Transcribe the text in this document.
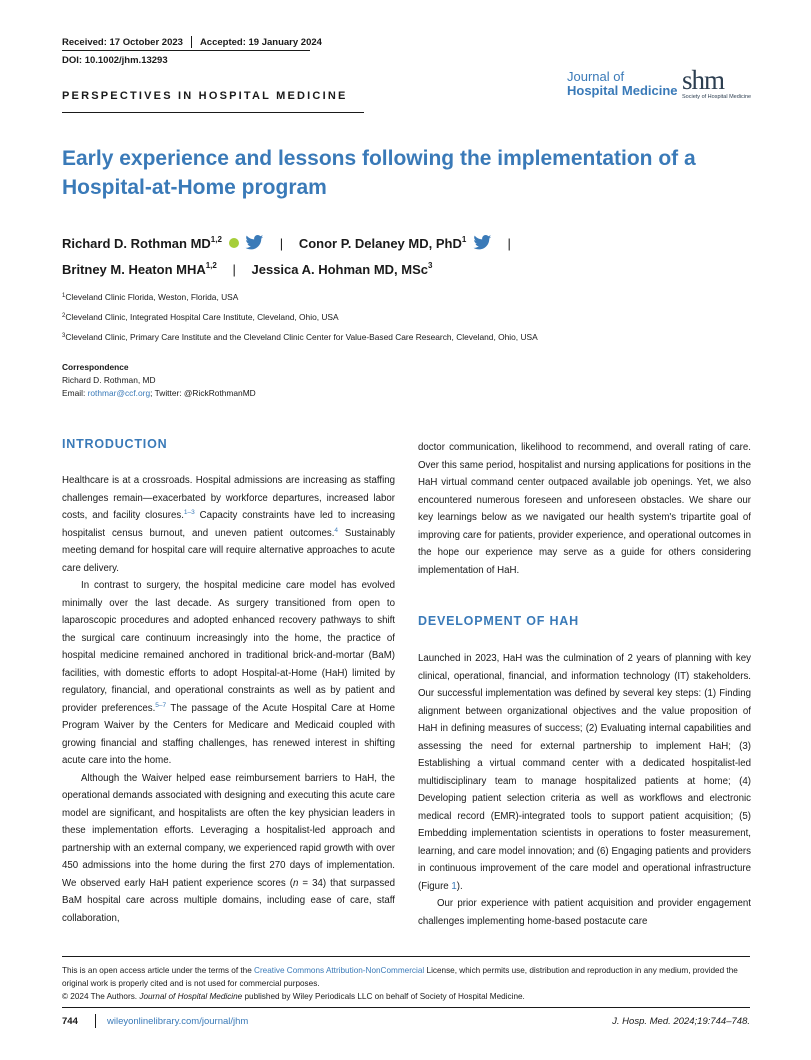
Received: 17 October 2023 Accepted: 19 January 2024
DOI: 10.1002/jhm.13293
PERSPECTIVES IN HOSPITAL MEDICINE
Journal of
Hospital Medicine shm
Society of Hospital Medicine
Early experience and lessons following the implementation of a Hospital-at-Home program
Richard D. Rothman MD$^{1,2}$	| Conor P. Delaney MD, PhD$^1$	|
Britney M. Heaton MHA$^{1,2}$ | Jessica A. Hohman MD, MSc$^3$
$^1$Cleveland Clinic Florida, Weston, Florida, USA
$^2$Cleveland Clinic, Integrated Hospital Care Institute, Cleveland, Ohio, USA
$^3$Cleveland Clinic, Primary Care Institute and the Cleveland Clinic Center for Value-Based Care Research, Cleveland, Ohio, USA
Correspondence
Richard D. Rothman, MD
Email: rothmar@ccf.org; Twitter: @RickRothmanMD
INTRODUCTION
DEVELOPMENT OF HAH

Healthcare is at a crossroads. Hospital admissions are increasing as staffing challenges remain—exacerbated by workforce departures, increased labor costs, and facility closures.$^{1-3}$ Capacity constraints have led to increasing hospitalist census burnout, and uneven patient outcomes.$^4$ Sustainably meeting demand for hospital care will require alternative approaches to acute care delivery.

In contrast to surgery, the hospital medicine care model has evolved minimally over the last decade. As surgery transitioned from open to laparoscopic procedures and adopted enhanced recovery pathways to shift the surgical care continuum increasingly into the home, the practice of hospital medicine remained anchored in traditional brick-and-mortar (BaM) facilities, with domestic efforts to adopt Hospital-at-Home (HaH) limited by regulatory, financial, and operational constraints as well as by patient and provider preferences.$^{5-7}$ The passage of the Acute Hospital Care at Home Program Waiver by the Centers for Medicare and Medicaid coupled with growing financial and staffing challenges, has renewed interest in shifting acute care into the home.

Although the Waiver helped ease reimbursement barriers to HaH, the operational demands associated with designing and executing this acute care model are significant, and hospitalists are often the key physician leaders in these implementation efforts. Leveraging a hospitalist-led approach and partnership with an external company, we experienced rapid growth with over 450 admissions into the home during the first 270 days of implementation. We observed early HaH patient experience scores (n = 34) that surpassed BaM hospital care across multiple domains, including ease of care, staff collaboration,

doctor communication, likelihood to recommend, and overall rating of care. Over this same period, hospitalist and nursing applications for positions in the HaH virtual command center outpaced available job openings. Yet, we also encountered numerous foreseen and unforeseen obstacles. We share our key learnings below as we navigated our health system's tripartite goal of improving care for patients, provider experience, and operational outcomes in the hope our experience may serve as a guide for others considering implementation of HaH.

Launched in 2023, HaH was the culmination of 2 years of planning with key clinical, operational, financial, and information technology (IT) stakeholders. Our successful implementation was defined by several key steps: (1) Finding alignment between organizational objectives and the value proposition of HaH in defining measures of success; (2) Evaluating internal capabilities and assessing the need for external partnership to implement HaH; (3) Establishing a virtual command center with a dedicated hospitalist-led multidisciplinary team to manage hospitalized patients at home; (4) Developing patient selection criteria as well as workflows and electronic medical record (EMR)-integrated tools to support patient acquisition; (5) Embedding implementation scientists in operations to foster measurement, learning, and care model innovation; and (6) Engaging patients and providers in continuous improvement of the care model and operational infrastructure (Figure 1).

Our prior experience with patient acquisition and provider engagement challenges implementing home-based postacute care

This is an open access article under the terms of the Creative Commons Attribution-NonCommercial License, which permits use, distribution and reproduction in any medium, provided the original work is properly cited and is not used for commercial purposes.
© 2024 The Authors. Journal of Hospital Medicine published by Wiley Periodicals LLC on behalf of Society of Hospital Medicine.
744	wileyonlinelibrary.com/journal/jhm	J. Hosp. Med. 2024;19:744–748.
